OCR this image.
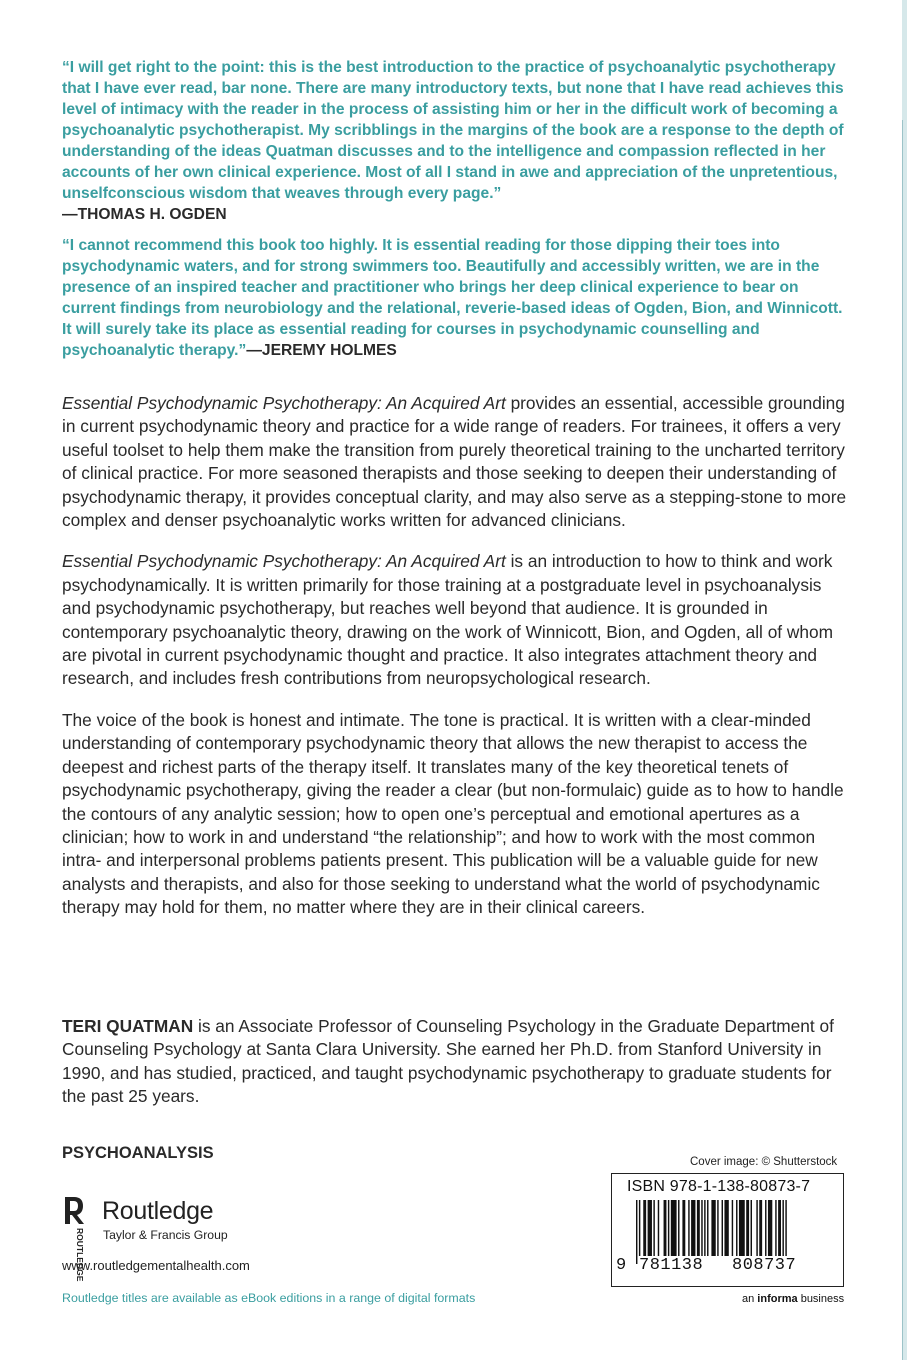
“I will get right to the point: this is the best introduction to the practice of psychoanalytic psychotherapy that I have ever read, bar none. There are many introductory texts, but none that I have read achieves this level of intimacy with the reader in the process of assisting him or her in the difficult work of becoming a psychoanalytic psychotherapist. My scribblings in the margins of the book are a response to the depth of understanding of the ideas Quatman discusses and to the intelligence and compassion reflected in her accounts of her own clinical experience. Most of all I stand in awe and appreciation of the unpretentious, unselfconscious wisdom that weaves through every page.”
—THOMAS H. OGDEN

“I cannot recommend this book too highly. It is essential reading for those dipping their toes into psychodynamic waters, and for strong swimmers too. Beautifully and accessibly written, we are in the presence of an inspired teacher and practitioner who brings her deep clinical experience to bear on current findings from neurobiology and the relational, reverie-based ideas of Ogden, Bion, and Winnicott. It will surely take its place as essential reading for courses in psychodynamic counselling and psychoanalytic therapy.”—JEREMY HOLMES

Essential Psychodynamic Psychotherapy: An Acquired Art provides an essential, accessible grounding in current psychodynamic theory and practice for a wide range of readers. For trainees, it offers a very useful toolset to help them make the transition from purely theoretical training to the uncharted territory of clinical practice. For more seasoned therapists and those seeking to deepen their understanding of psychodynamic therapy, it provides conceptual clarity, and may also serve as a stepping-stone to more complex and denser psychoanalytic works written for advanced clinicians.

Essential Psychodynamic Psychotherapy: An Acquired Art is an introduction to how to think and work psychodynamically. It is written primarily for those training at a postgraduate level in psychoanalysis and psychodynamic psychotherapy, but reaches well beyond that audience. It is grounded in contemporary psychoanalytic theory, drawing on the work of Winnicott, Bion, and Ogden, all of whom are pivotal in current psychodynamic thought and practice. It also integrates attachment theory and research, and includes fresh contributions from neuropsychological research.

The voice of the book is honest and intimate. The tone is practical. It is written with a clear-minded understanding of contemporary psychodynamic theory that allows the new therapist to access the deepest and richest parts of the therapy itself. It translates many of the key theoretical tenets of psychodynamic psychotherapy, giving the reader a clear (but non-formulaic) guide as to how to handle the contours of any analytic session; how to open one’s perceptual and emotional apertures as a clinician; how to work in and understand “the relationship”; and how to work with the most common intra- and interpersonal problems patients present. This publication will be a valuable guide for new analysts and therapists, and also for those seeking to understand what the world of psychodynamic therapy may hold for them, no matter where they are in their clinical careers.

TERI QUATMAN is an Associate Professor of Counseling Psychology in the Graduate Department of Counseling Psychology at Santa Clara University. She earned her Ph.D. from Stanford University in 1990, and has studied, practiced, and taught psychodynamic psychotherapy to graduate students for the past 25 years.

PSYCHOANALYSIS
ROUTLEDGE
Routledge
Taylor & Francis Group
www.routledgementalhealth.com
Routledge titles are available as eBook editions in a range of digital formats
Cover image: © Shutterstock
ISBN 978-1-138-80873-7
9 781138 808737
an informa business
